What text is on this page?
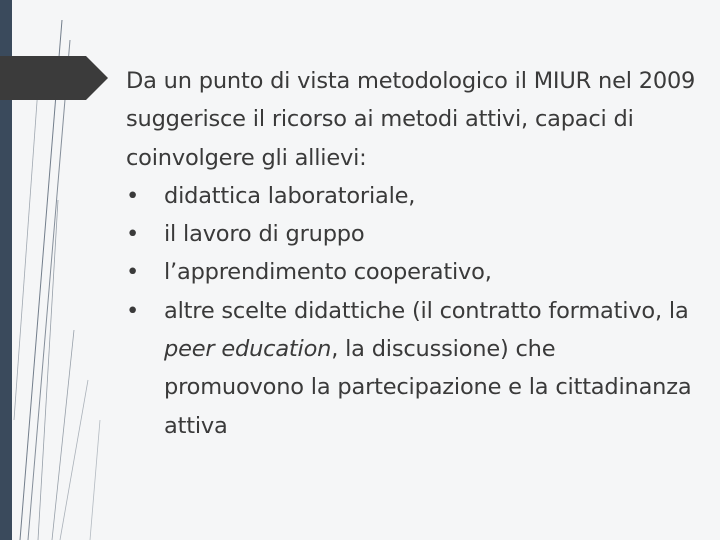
Da un punto di vista metodologico il MIUR nel 2009 suggerisce il ricorso ai metodi attivi, capaci di coinvolgere gli allievi:

•	didattica laboratoriale,
•	il lavoro di gruppo
•	l’apprendimento cooperativo,
•	altre scelte didattiche (il contratto formativo, la peer education, la discussione) che promuovono la partecipazione e la cittadinanza attiva
